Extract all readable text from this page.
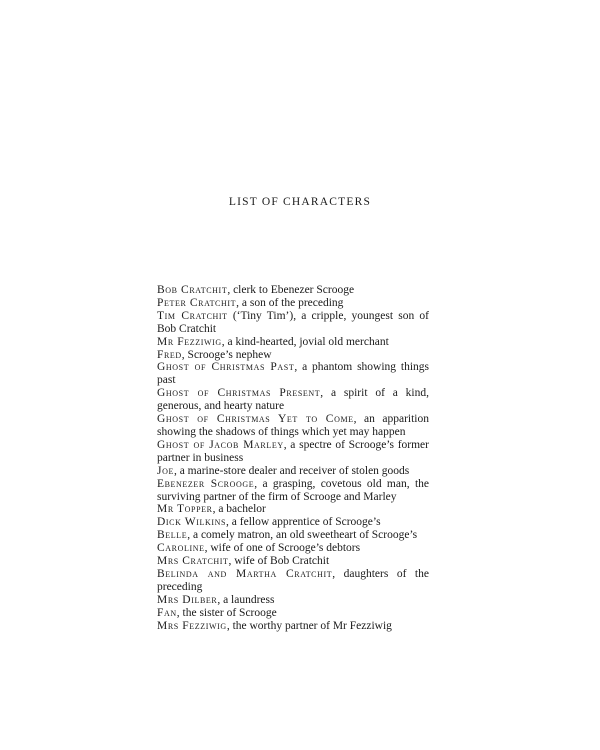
LIST OF CHARACTERS
Bob Cratchit, clerk to Ebenezer Scrooge
Peter Cratchit, a son of the preceding
Tim Cratchit (‘Tiny Tim’), a cripple, youngest son of Bob Cratchit
Mr Fezziwig, a kind-hearted, jovial old merchant
Fred, Scrooge’s nephew
Ghost of Christmas Past, a phantom showing things past
Ghost of Christmas Present, a spirit of a kind, generous, and hearty nature
Ghost of Christmas Yet to Come, an apparition showing the shadows of things which yet may happen
Ghost of Jacob Marley, a spectre of Scrooge’s former partner in business
Joe, a marine-store dealer and receiver of stolen goods
Ebenezer Scrooge, a grasping, covetous old man, the surviving partner of the firm of Scrooge and Marley
Mr Topper, a bachelor
Dick Wilkins, a fellow apprentice of Scrooge’s
Belle, a comely matron, an old sweetheart of Scrooge’s
Caroline, wife of one of Scrooge’s debtors
Mrs Cratchit, wife of Bob Cratchit
Belinda and Martha Cratchit, daughters of the preceding
Mrs Dilber, a laundress
Fan, the sister of Scrooge
Mrs Fezziwig, the worthy partner of Mr Fezziwig
